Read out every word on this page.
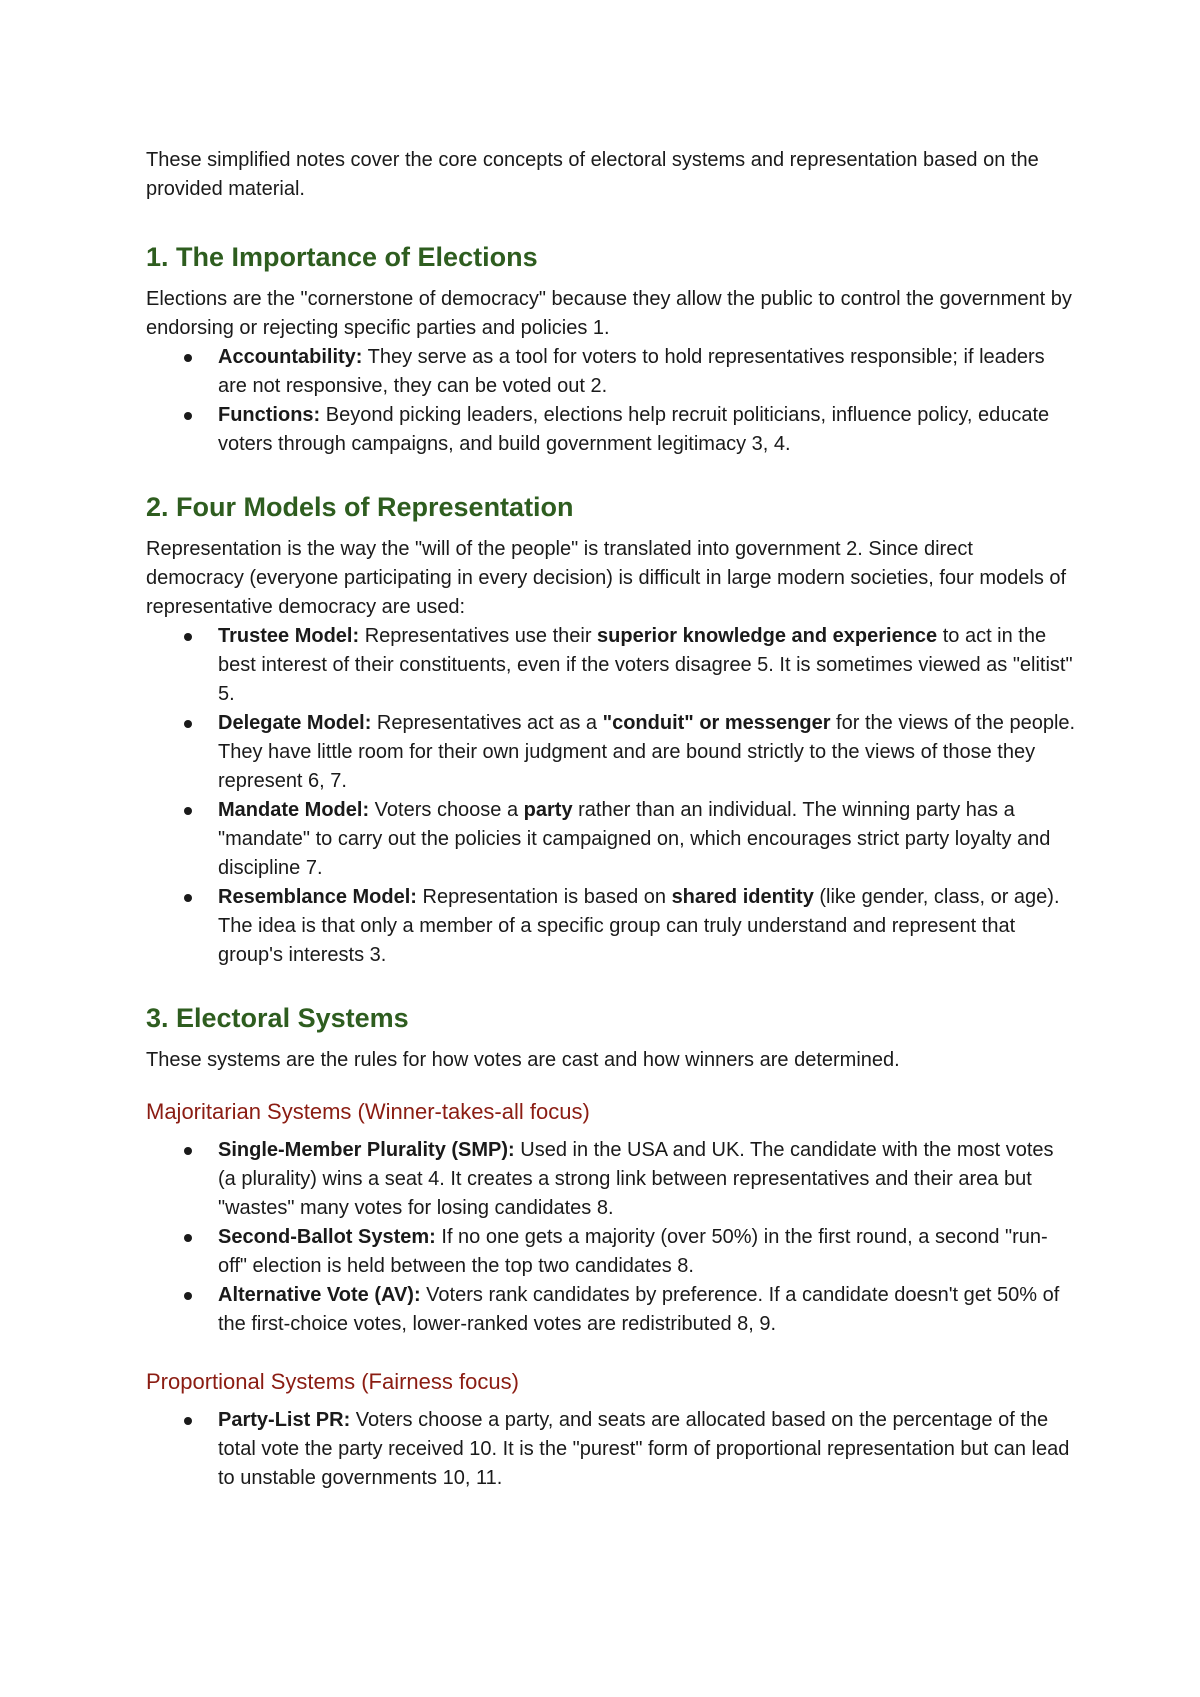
These simplified notes cover the core concepts of electoral systems and representation based on the provided material.

1. The Importance of Elections

Elections are the "cornerstone of democracy" because they allow the public to control the government by endorsing or rejecting specific parties and policies 1.

Accountability: They serve as a tool for voters to hold representatives responsible; if leaders are not responsive, they can be voted out 2.
Functions: Beyond picking leaders, elections help recruit politicians, influence policy, educate voters through campaigns, and build government legitimacy 3, 4.
2. Four Models of Representation

Representation is the way the "will of the people" is translated into government 2. Since direct democracy (everyone participating in every decision) is difficult in large modern societies, four models of representative democracy are used:

Trustee Model: Representatives use their superior knowledge and experience to act in the best interest of their constituents, even if the voters disagree 5. It is sometimes viewed as "elitist" 5.
Delegate Model: Representatives act as a "conduit" or messenger for the views of the people. They have little room for their own judgment and are bound strictly to the views of those they represent 6, 7.
Mandate Model: Voters choose a party rather than an individual. The winning party has a "mandate" to carry out the policies it campaigned on, which encourages strict party loyalty and discipline 7.
Resemblance Model: Representation is based on shared identity (like gender, class, or age). The idea is that only a member of a specific group can truly understand and represent that group's interests 3.
3. Electoral Systems

These systems are the rules for how votes are cast and how winners are determined.

Majoritarian Systems (Winner-takes-all focus)
Single-Member Plurality (SMP): Used in the USA and UK. The candidate with the most votes (a plurality) wins a seat 4. It creates a strong link between representatives and their area but "wastes" many votes for losing candidates 8.
Second-Ballot System: If no one gets a majority (over 50%) in the first round, a second "run-off" election is held between the top two candidates 8.
Alternative Vote (AV): Voters rank candidates by preference. If a candidate doesn't get 50% of the first-choice votes, lower-ranked votes are redistributed 8, 9.
Proportional Systems (Fairness focus)
Party-List PR: Voters choose a party, and seats are allocated based on the percentage of the total vote the party received 10. It is the "purest" form of proportional representation but can lead to unstable governments 10, 11.
